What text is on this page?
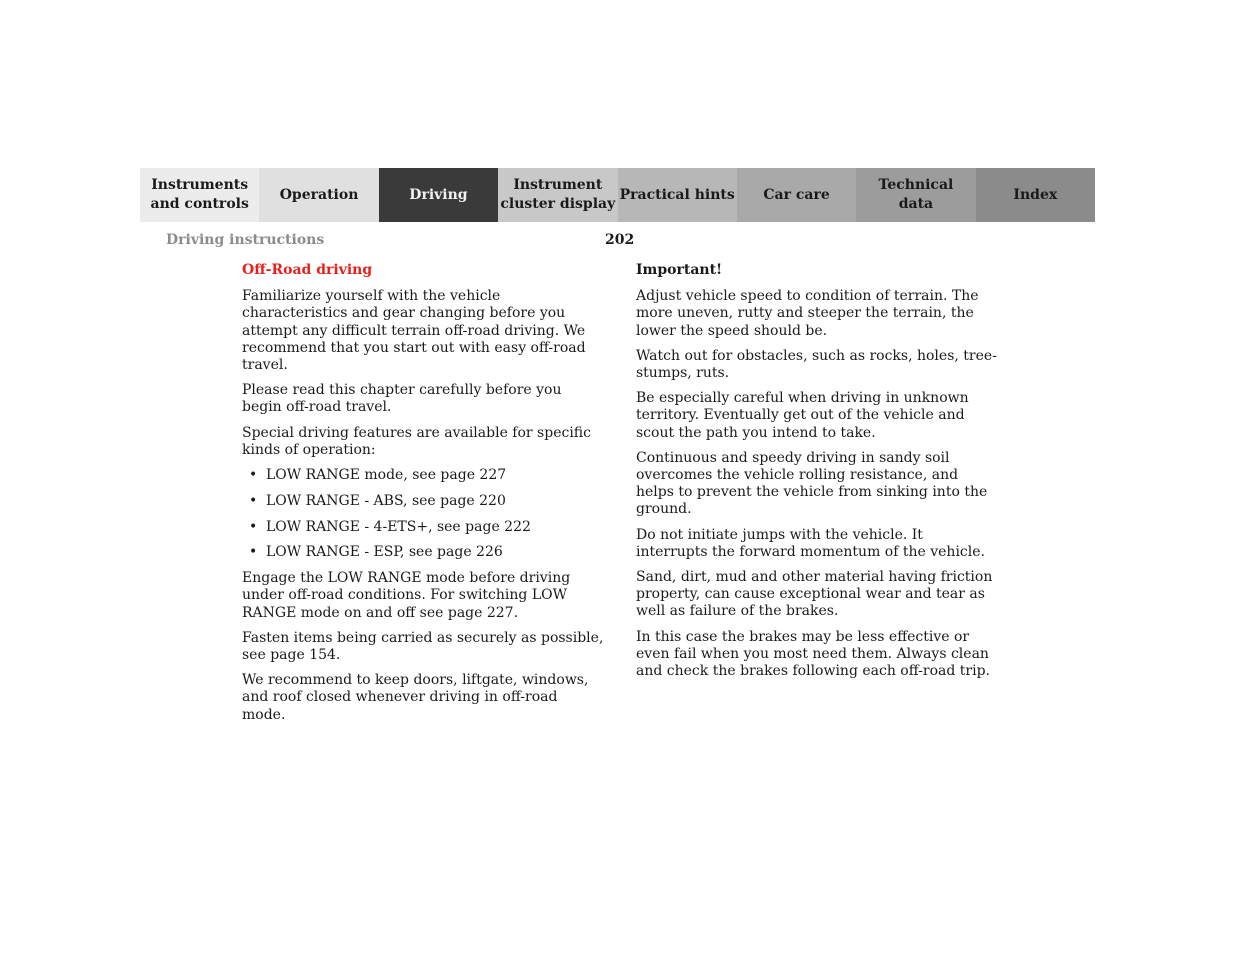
Instruments
and controls
Operation	Driving
Instrument
cluster display
Practical hints	Car care
Technical
data
Index
Driving instructions	202
Off-Road driving

Familiarize yourself with the vehicle characteristics and gear changing before you attempt any difficult terrain off-road driving. We recommend that you start out with easy off-road travel.

Please read this chapter carefully before you begin off-road travel.

Special driving features are available for specific kinds of operation:

• LOW RANGE mode, see page 227
• LOW RANGE - ABS, see page 220
• LOW RANGE - 4-ETS+, see page 222
• LOW RANGE - ESP, see page 226

Engage the LOW RANGE mode before driving under off-road conditions. For switching LOW RANGE mode on and off see page 227.

Fasten items being carried as securely as possible, see page 154.

We recommend to keep doors, liftgate, windows, and roof closed whenever driving in off-road mode.

Important!

Adjust vehicle speed to condition of terrain. The more uneven, rutty and steeper the terrain, the lower the speed should be.

Watch out for obstacles, such as rocks, holes, tree-stumps, ruts.

Be especially careful when driving in unknown territory. Eventually get out of the vehicle and scout the path you intend to take.

Continuous and speedy driving in sandy soil overcomes the vehicle rolling resistance, and helps to prevent the vehicle from sinking into the ground.

Do not initiate jumps with the vehicle. It interrupts the forward momentum of the vehicle.

Sand, dirt, mud and other material having friction property, can cause exceptional wear and tear as well as failure of the brakes.

In this case the brakes may be less effective or even fail when you most need them. Always clean and check the brakes following each off-road trip.
